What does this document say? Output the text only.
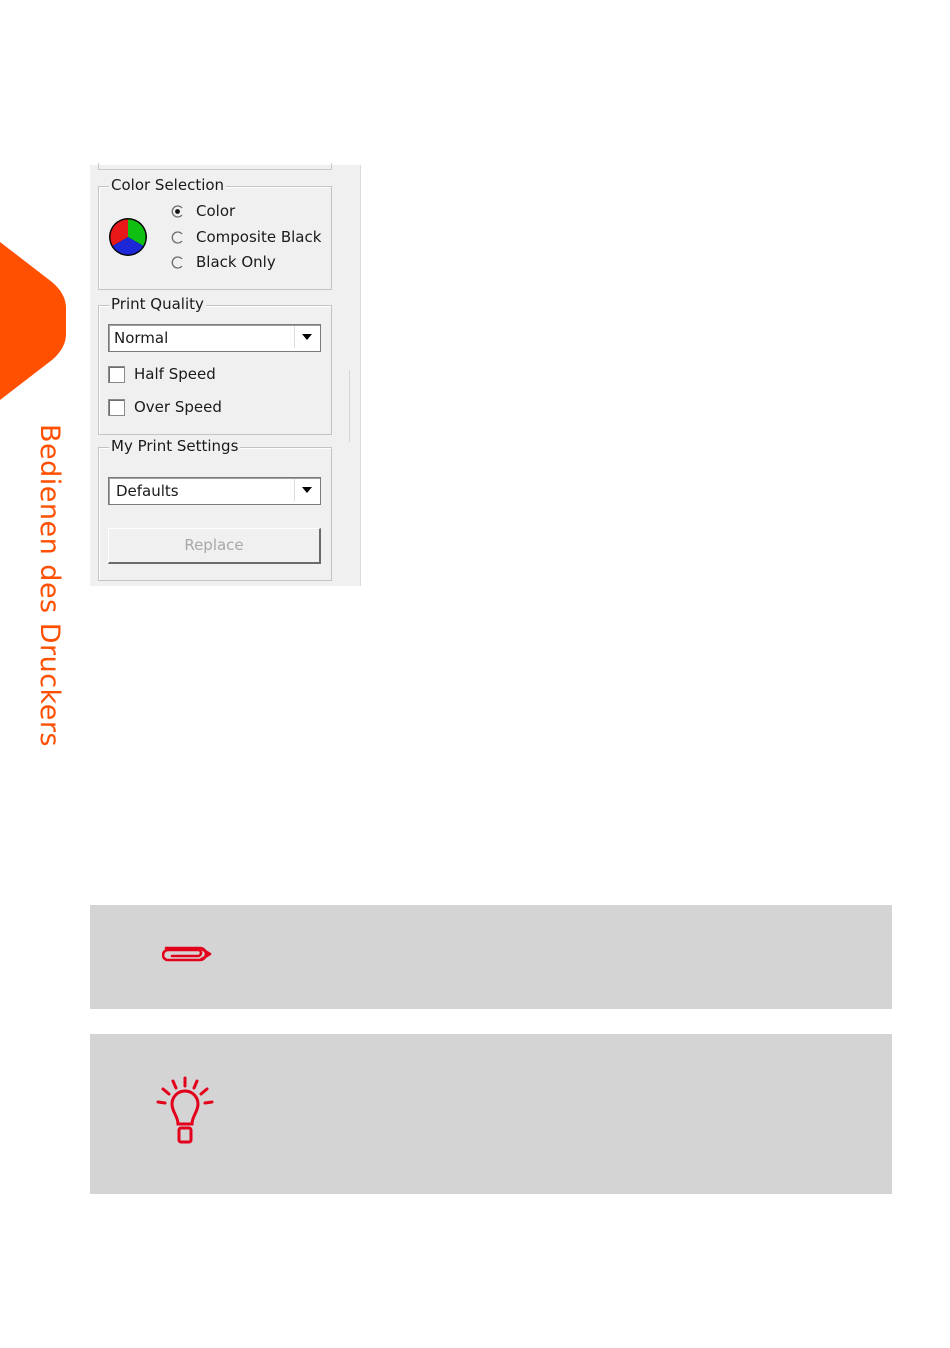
Bedienen des Druckers
Color Selection
Color
Composite Black
Black Only
Print Quality
Normal
Half Speed
Over Speed
My Print Settings
Defaults
Replace
